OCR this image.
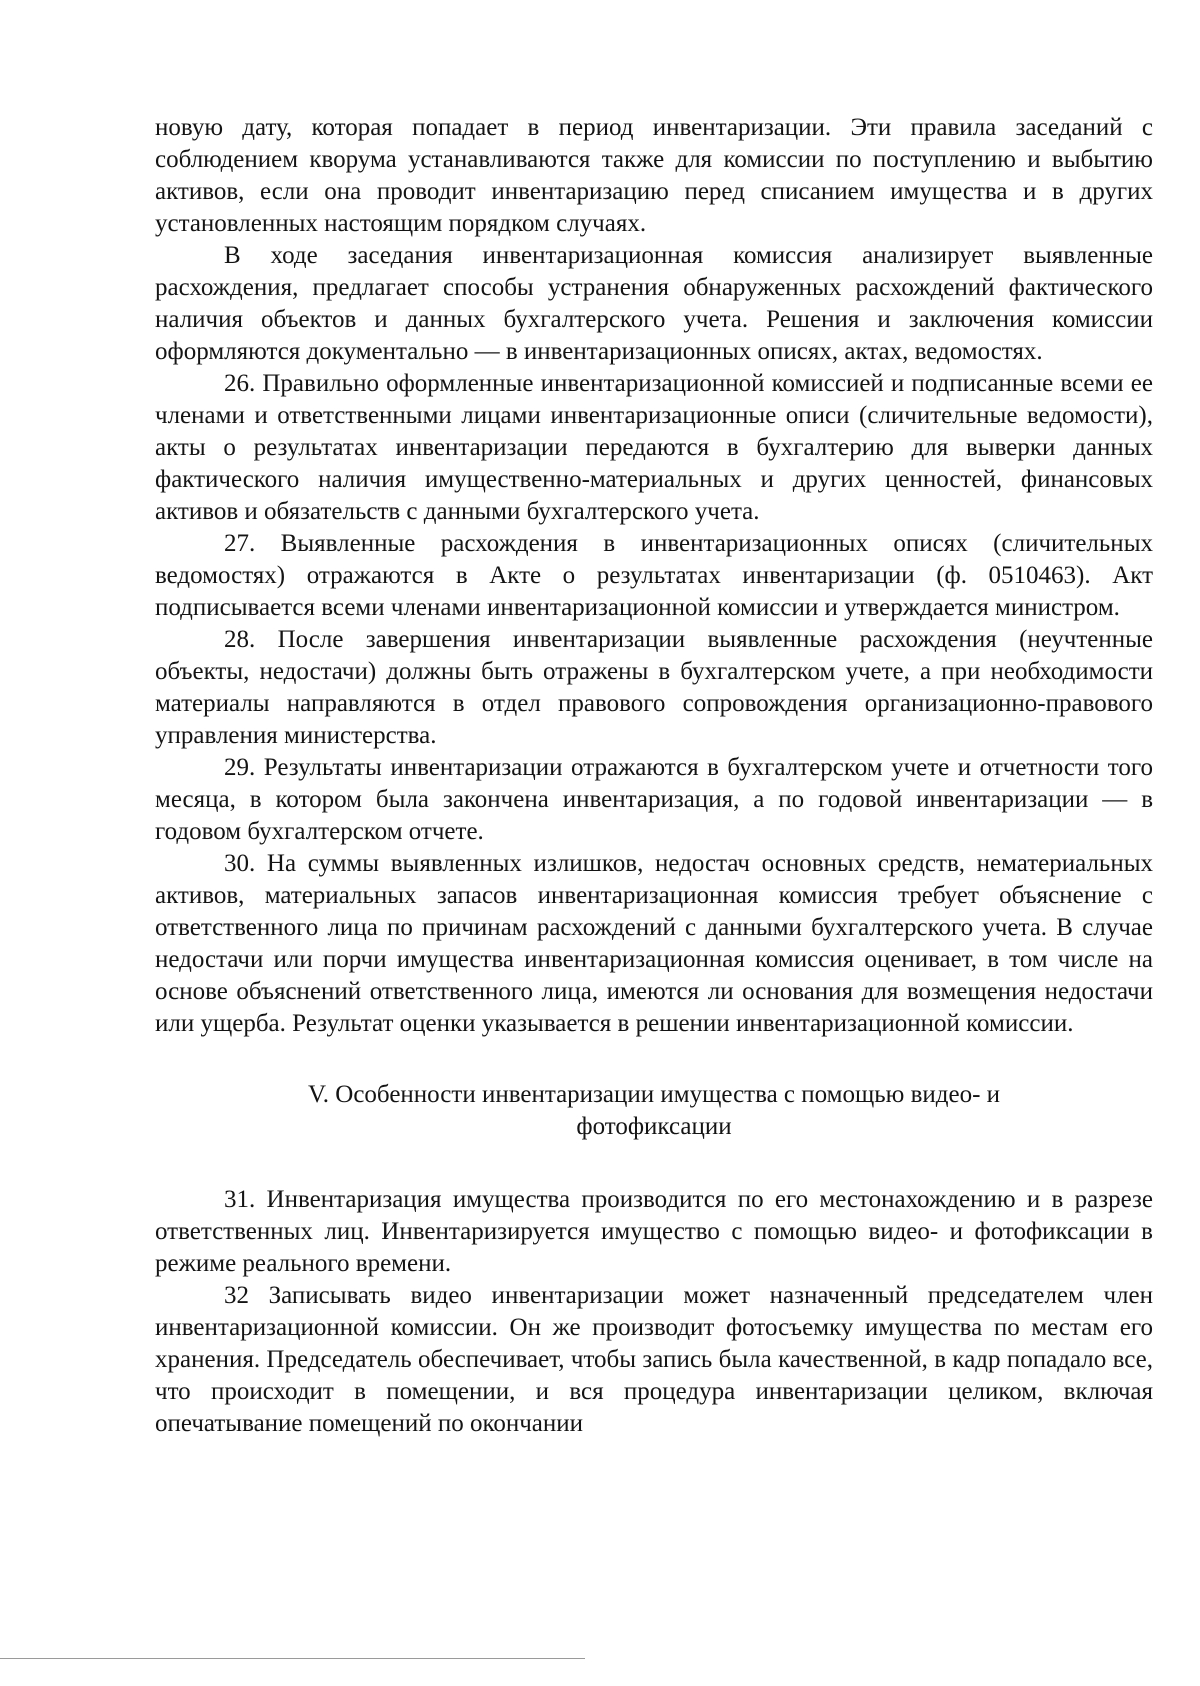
новую дату, которая попадает в период инвентаризации. Эти правила заседаний с соблюдением кворума устанавливаются также для комиссии по поступлению и выбытию активов, если она проводит инвентаризацию перед списанием имущества и в других установленных настоящим порядком случаях.

В ходе заседания инвентаризационная комиссия анализирует выявленные расхождения, предлагает способы устранения обнаруженных расхождений фактического наличия объектов и данных бухгалтерского учета. Решения и заключения комиссии оформляются документально — в инвентаризационных описях, актах, ведомостях.

26. Правильно оформленные инвентаризационной комиссией и подписанные всеми ее членами и ответственными лицами инвентаризационные описи (сличительные ведомости), акты о результатах инвентаризации передаются в бухгалтерию для выверки данных фактического наличия имущественно-материальных и других ценностей, финансовых активов и обязательств с данными бухгалтерского учета.

27. Выявленные расхождения в инвентаризационных описях (сличительных ведомостях) отражаются в Акте о результатах инвентаризации (ф. 0510463). Акт подписывается всеми членами инвентаризационной комиссии и утверждается министром.

28. После завершения инвентаризации выявленные расхождения (неучтенные объекты, недостачи) должны быть отражены в бухгалтерском учете, а при необходимости материалы направляются в отдел правового сопровождения организационно-правового управления министерства.

29. Результаты инвентаризации отражаются в бухгалтерском учете и отчетности того месяца, в котором была закончена инвентаризация, а по годовой инвентаризации — в годовом бухгалтерском отчете.

30. На суммы выявленных излишков, недостач основных средств, нематериальных активов, материальных запасов инвентаризационная комиссия требует объяснение с ответственного лица по причинам расхождений с данными бухгалтерского учета. В случае недостачи или порчи имущества инвентаризационная комиссия оценивает, в том числе на основе объяснений ответственного лица, имеются ли основания для возмещения недостачи или ущерба. Результат оценки указывается в решении инвентаризационной комиссии.

V. Особенности инвентаризации имущества с помощью видео- и
фотофиксации

31. Инвентаризация имущества производится по его местонахождению и в разрезе ответственных лиц. Инвентаризируется имущество с помощью видео- и фотофиксации в режиме реального времени.

32 Записывать видео инвентаризации может назначенный председателем член инвентаризационной комиссии. Он же производит фотосъемку имущества по местам его хранения. Председатель обеспечивает, чтобы запись была качественной, в кадр попадало все, что происходит в помещении, и вся процедура инвентаризации целиком, включая опечатывание помещений по окончании
